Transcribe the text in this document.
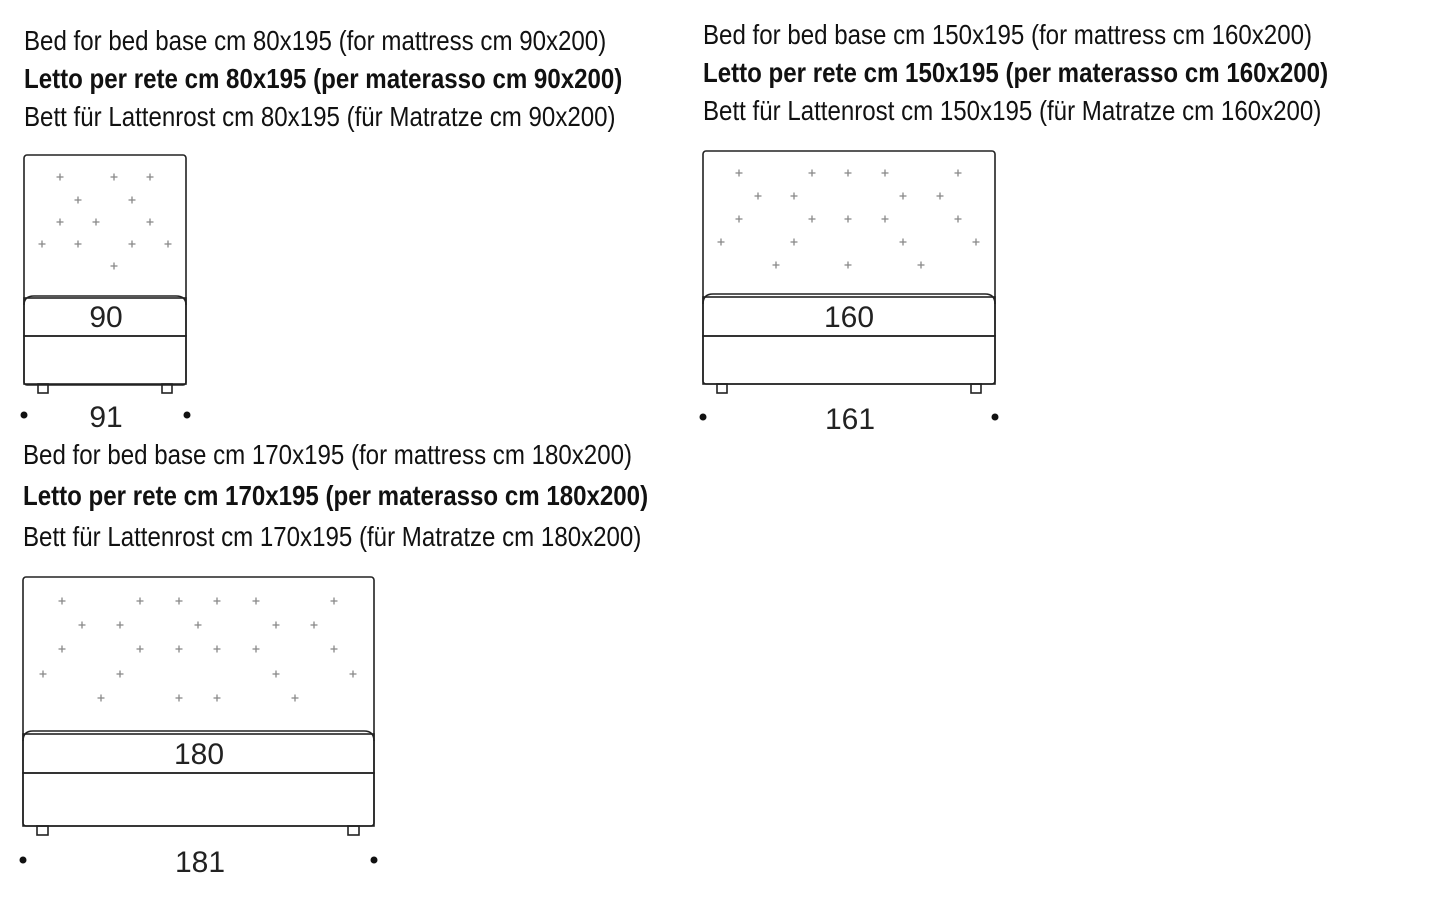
Bed for bed base cm 80x195 (for mattress cm 90x200)
Letto per rete cm 80x195 (per materasso cm 90x200)
Bett für Lattenrost cm 80x195 (für Matratze cm 90x200)
Bed for bed base cm 150x195 (for mattress cm 160x200)
Letto per rete cm 150x195 (per materasso cm 160x200)
Bett für Lattenrost cm 150x195 (für Matratze cm 160x200)
Bed for bed base cm 170x195 (for mattress cm 180x200)
Letto per rete cm 170x195 (per materasso cm 180x200)
Bett für Lattenrost cm 170x195 (für Matratze cm 180x200)
90
91
160
161
180
181
